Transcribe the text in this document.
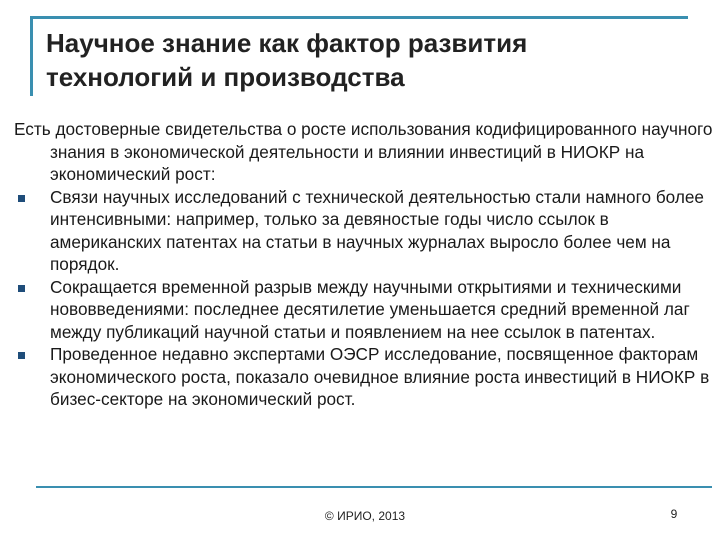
Научное знание как фактор развития
технологий и производства

Есть достоверные свидетельства о росте использования кодифицированного научного знания в экономической деятельности и влиянии инвестиций в НИОКР на экономический рост:

Связи научных исследований с технической деятельностью стали намного более интенсивными: например, только за девяностые годы число ссылок в американских патентах на статьи в научных журналах выросло более чем на порядок.
Сокращается временной разрыв между научными открытиями и техническими нововведениями: последнее десятилетие уменьшается средний временной лаг между публикаций научной статьи и появлением на нее ссылок в патентах.
Проведенное недавно экспертами ОЭСР исследование, посвященное факторам экономического роста, показало очевидное влияние роста инвестиций в НИОКР в бизес-секторе на экономический рост.
© ИРИО, 2013	9
